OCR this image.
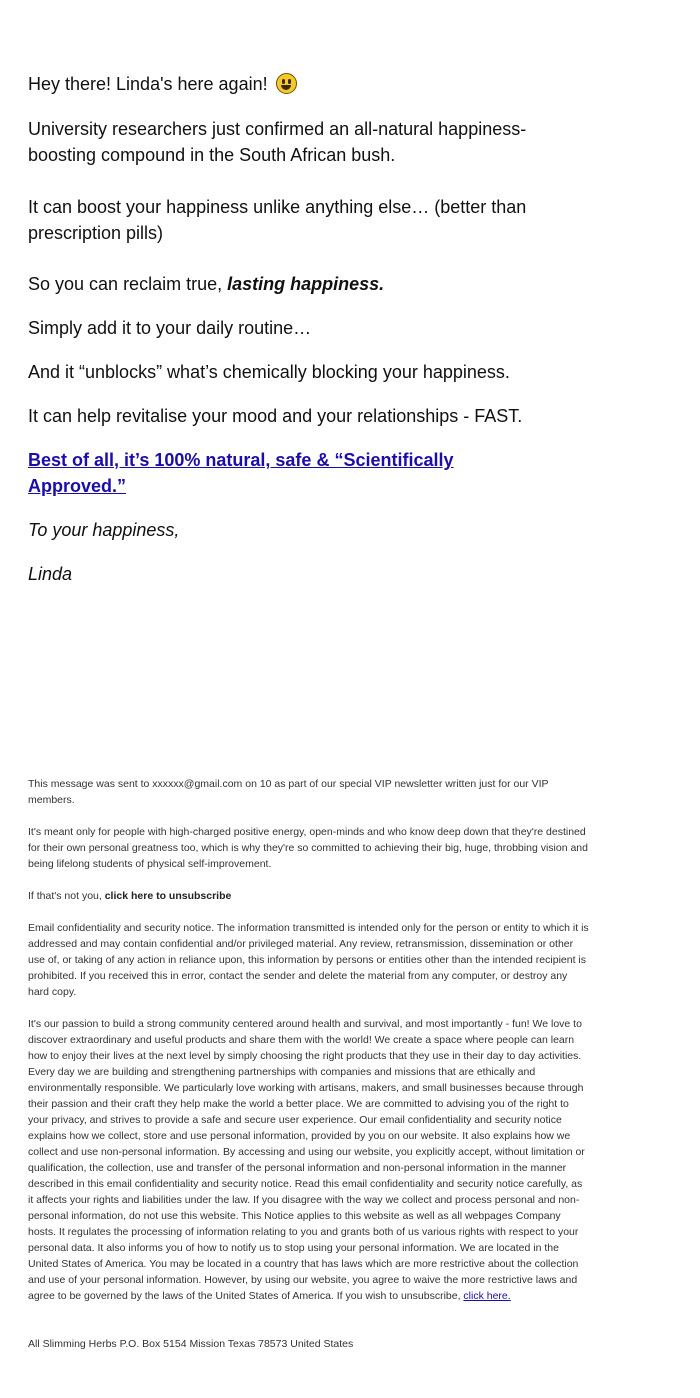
Hey there! Linda's here again!

University researchers just confirmed an all-natural happiness-boosting compound in the South African bush.

It can boost your happiness unlike anything else… (better than prescription pills)

So you can reclaim true, lasting happiness.

Simply add it to your daily routine…

And it “unblocks” what’s chemically blocking your happiness.

It can help revitalise your mood and your relationships - FAST.

Best of all, it’s 100% natural, safe & “Scientifically Approved.”

To your happiness,

Linda

This message was sent to xxxxxx@gmail.com on 10 as part of our special VIP newsletter written just for our VIP members.

It's meant only for people with high-charged positive energy, open-minds and who know deep down that they're destined for their own personal greatness too, which is why they're so committed to achieving their big, huge, throbbing vision and being lifelong students of physical self-improvement.

If that's not you, click here to unsubscribe

Email confidentiality and security notice. The information transmitted is intended only for the person or entity to which it is addressed and may contain confidential and/or privileged material. Any review, retransmission, dissemination or other use of, or taking of any action in reliance upon, this information by persons or entities other than the intended recipient is prohibited. If you received this in error, contact the sender and delete the material from any computer, or destroy any hard copy.

It's our passion to build a strong community centered around health and survival, and most importantly - fun! We love to discover extraordinary and useful products and share them with the world! We create a space where people can learn how to enjoy their lives at the next level by simply choosing the right products that they use in their day to day activities. Every day we are building and strengthening partnerships with companies and missions that are ethically and environmentally responsible. We particularly love working with artisans, makers, and small businesses because through their passion and their craft they help make the world a better place. We are committed to advising you of the right to your privacy, and strives to provide a safe and secure user experience. Our email confidentiality and security notice explains how we collect, store and use personal information, provided by you on our website. It also explains how we collect and use non-personal information. By accessing and using our website, you explicitly accept, without limitation or qualification, the collection, use and transfer of the personal information and non-personal information in the manner described in this email confidentiality and security notice. Read this email confidentiality and security notice carefully, as it affects your rights and liabilities under the law. If you disagree with the way we collect and process personal and non-personal information, do not use this website. This Notice applies to this website as well as all webpages Company hosts. It regulates the processing of information relating to you and grants both of us various rights with respect to your personal data. It also informs you of how to notify us to stop using your personal information. We are located in the United States of America. You may be located in a country that has laws which are more restrictive about the collection and use of your personal information. However, by using our website, you agree to waive the more restrictive laws and agree to be governed by the laws of the United States of America. If you wish to unsubscribe, click here.

All Slimming Herbs P.O. Box 5154 Mission Texas 78573 United States
